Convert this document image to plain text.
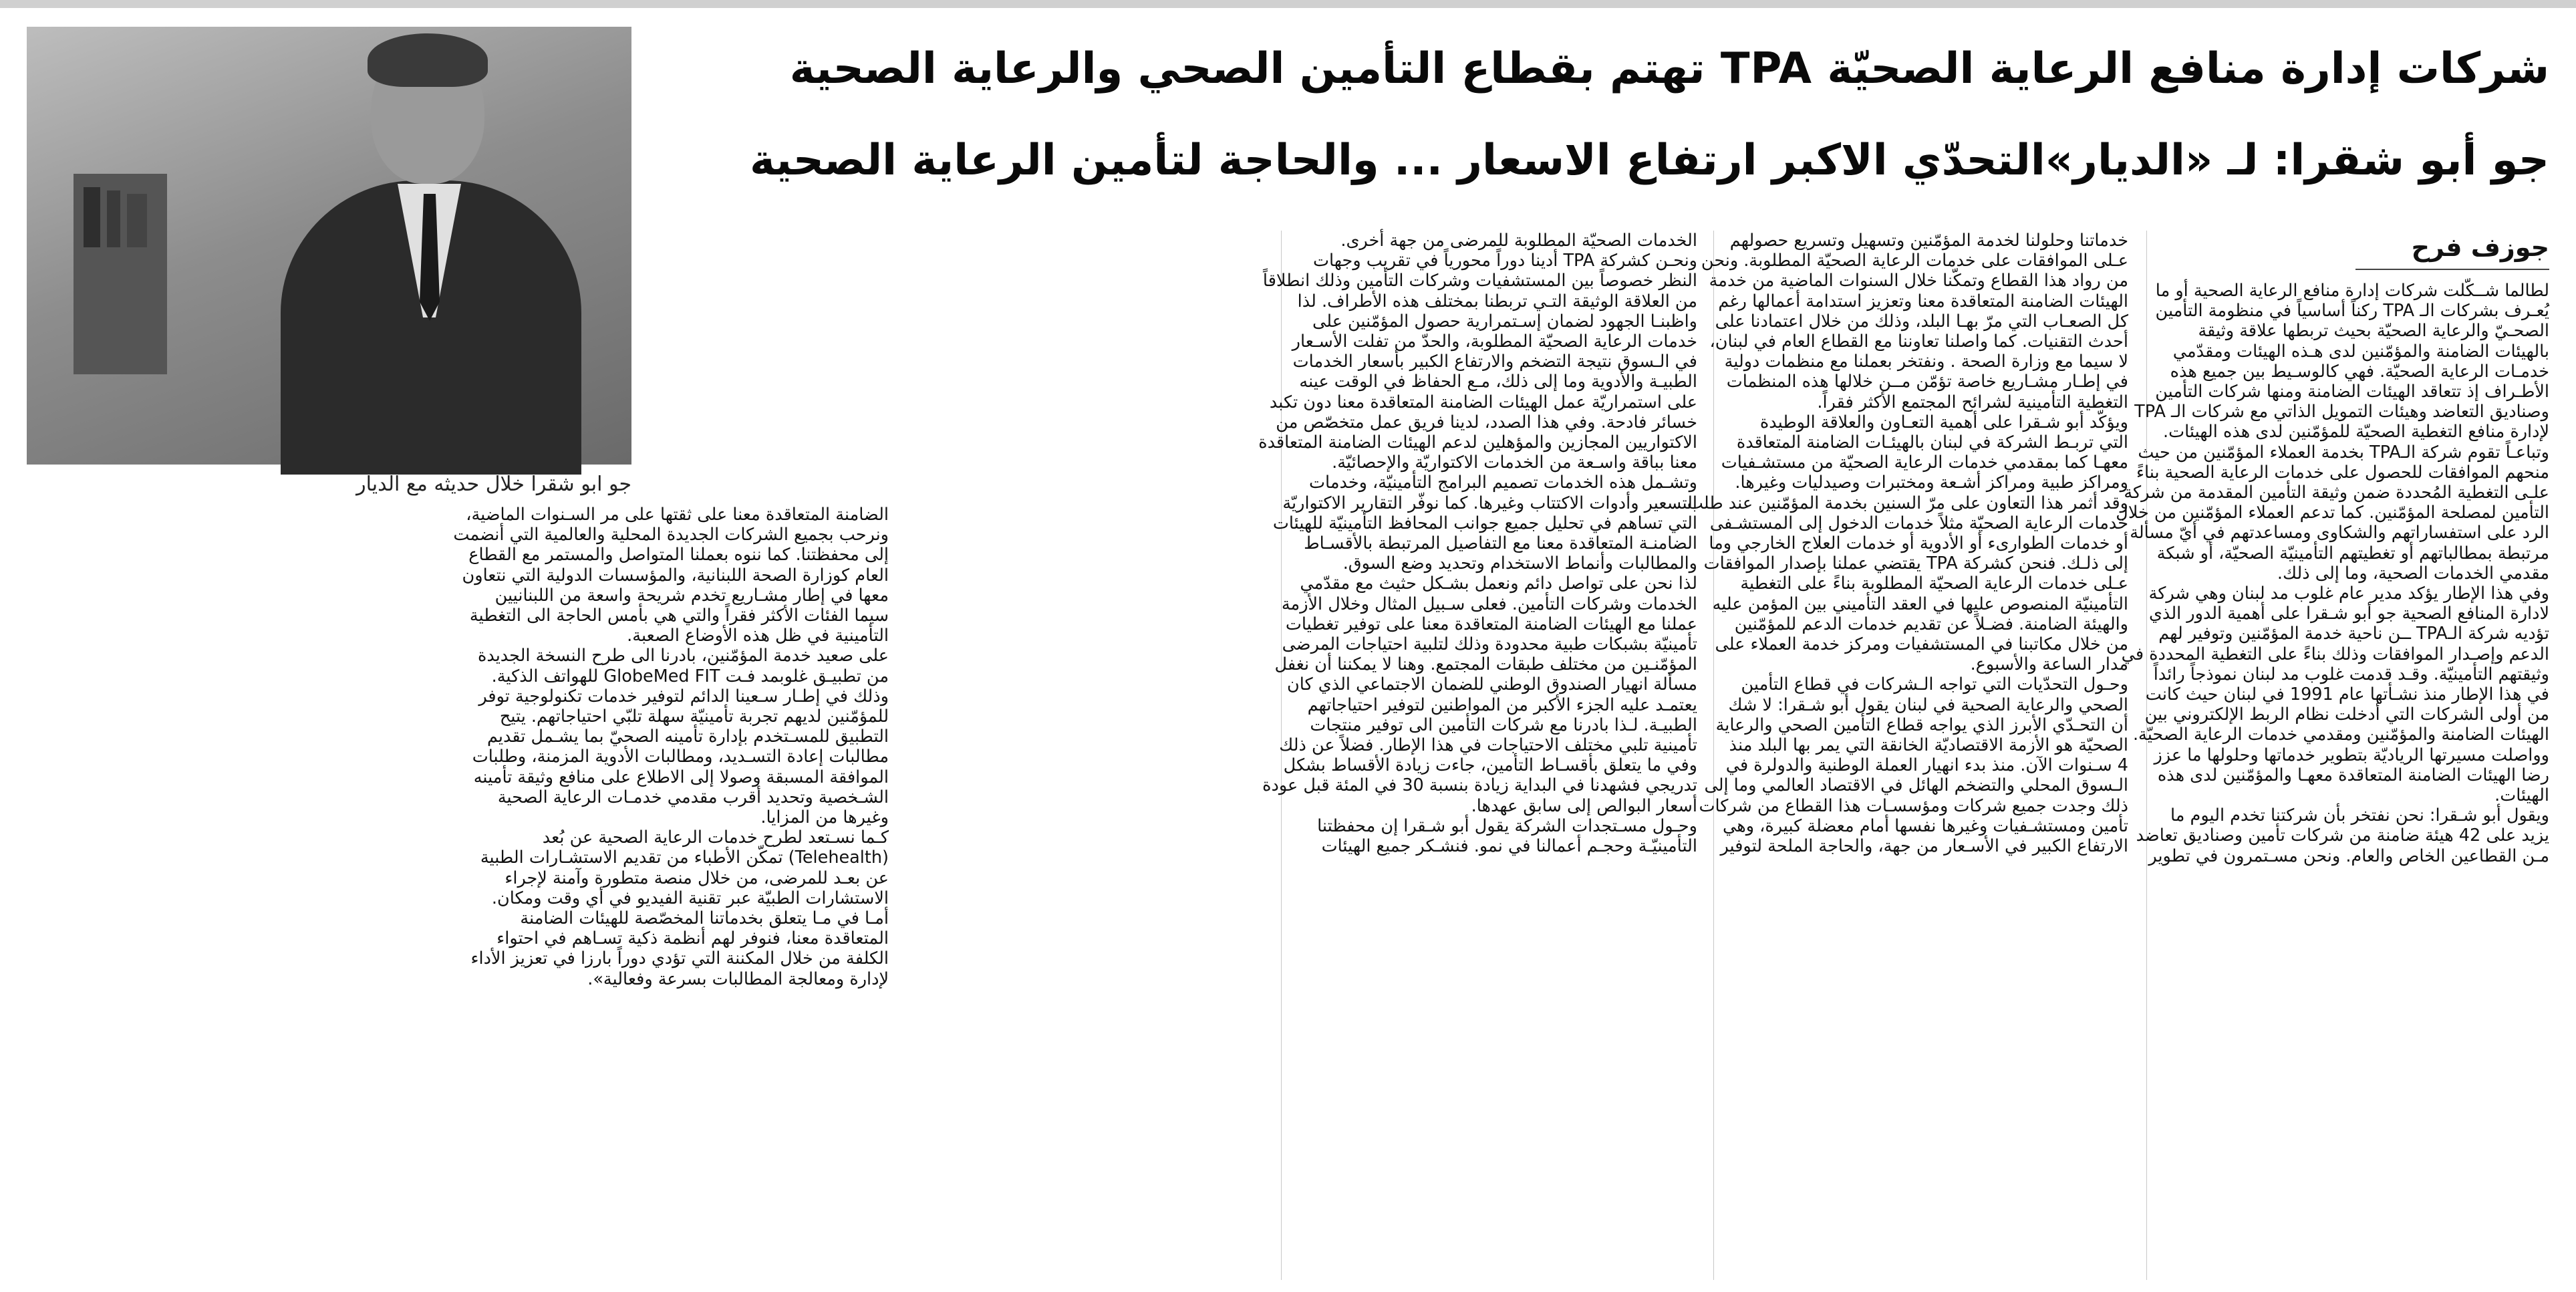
شركات إدارة منافع الرعاية الصحيّة TPA تهتم بقطاع التأمين الصحي والرعاية الصحية
جو أبو شقرا: لـ «الديار»التحدّي الاكبر ارتفاع الاسعار ... والحاجة لتأمين الرعاية الصحية
جو ابو شقرا خلال حديثه مع الديار
جوزف فرح
لطالما شــكّلت شركات إدارة منافع الرعاية الصحية أو ما
يُعـرف بشركات الـ TPA ركناً أساسياً في منظومة التأمين
الصحـيّ والرعاية الصحيّة بحيث تربطها علاقة وثيقة
بالهيئات الضامنة والمؤمّنين لدى هـذه الهيئات ومقدّمي
خدمـات الرعاية الصحيّة. فهي كالوسـيط بين جميع هذه
الأطـراف إذ تتعاقد الهيئات الضامنة ومنها شركات التأمين
وصناديق التعاضد وهيئات التمويل الذاتي مع شركات الـ TPA
لإدارة منافع التغطية الصحيّة للمؤمّنين لدى هذه الهيئات.
وتباعـاً تقوم شركة الـTPA بخدمة العملاء المؤمّنين من حيث
منحهم الموافقات للحصول على خدمات الرعاية الصحية بناءً
علـى التغطية المُحددة ضمن وثيقة التأمين المقدمة من شركة
التأمين لمصلحة المؤمّنين. كما تدعم العملاء المؤمّنين من خلال
الرد على استفساراتهم والشكاوى ومساعدتهم في أيّ مسألة
مرتبطة بمطالباتهم أو تغطيتهم التأمينيّة الصحيّة، أو شبكة
مقدمي الخدمات الصحية، وما إلى ذلك.
وفي هذا الإطار يؤكد مدير عام غلوب مد لبنان وهي شركة
لادارة المنافع الصحية جو أبو شـقرا على أهمية الدور الذي
تؤديه شركة الـTPA ــن ناحية خدمة المؤمّنين وتوفير لهم
الدعم وإصـدار الموافقات وذلك بناءً على التغطية المحددة في
وثيقتهم التأمينيّة. وقـد قدمت غلوب مد لبنان نموذجاً رائداً
في هذا الإطار منذ نشـأتها عام 1991 في لبنان حيث كانت
من أولى الشركات التي أدخلت نظام الربط الإلكتروني بين
الهيئات الضامنة والمؤمّنين ومقدمي خدمات الرعاية الصحيّة.
وواصلت مسيرتها الرياديّة بتطوير خدماتها وحلولها ما عزز
رضا الهيئات الضامنة المتعاقدة معهـا والمؤمّنين لدى هذه
الهيئات.
ويقول أبو شـقرا: نحن نفتخر بأن شركتنا تخدم اليوم ما
يزيد على 42 هيئة ضامنة من شركات تأمين وصناديق تعاضد
مـن القطاعين الخاص والعام. ونحن مسـتمرون في تطوير
خدماتنا وحلولنا لخدمة المؤمّنين وتسهيل وتسريع حصولهم
عـلى الموافقات على خدمات الرعاية الصحيّة المطلوبة. ونحن
من رواد هذا القطاع وتمكّنا خلال السنوات الماضية من خدمة
الهيئات الضامنة المتعاقدة معنا وتعزيز استدامة أعمالها رغم
كل الصعـاب التي مرّ بهـا البلد، وذلك من خلال اعتمادنا على
أحدث التقنيات. كما واصلنا تعاوننا مع القطاع العام في لبنان،
لا سيما مع وزارة الصحة . ونفتخر بعملنا مع منظمات دولية
في إطـار مشـاريع خاصة تؤمّن مــن خلالها هذه المنظمات
التغطية التأمينية لشرائح المجتمع الأكثر فقراً.
ويؤكّد أبو شـقرا على أهمية التعـاون والعلاقة الوطيدة
التي تربـط الشركة في لبنان بالهيئـات الضامنة المتعاقدة
معهـا كما بمقدمي خدمات الرعاية الصحيّة من مستشـفيات
ومراكز طبية ومراكز أشـعة ومختبرات وصيدليات وغيرها.
وقد أثمر هذا التعاون على مرّ السنين بخدمة المؤمّنين عند طلب
خدمات الرعاية الصحيّة مثلاً خدمات الدخول إلى المستشـفى
أو خدمات الطوارىء أو الأدوية أو خدمات العلاج الخارجي وما
إلى ذلـك. فنحن كشركة TPA يقتضي عملنا بإصدار الموافقات
عـلى خدمات الرعاية الصحيّة المطلوبة بناءً على التغطية
التأمينيّة المنصوص عليها في العقد التأميني بين المؤمن عليه
والهيئة الضامنة. فضـلاً عن تقديم خدمات الدعم للمؤمّنين
من خلال مكاتبنا في المستشفيات ومركز خدمة العملاء على
مدار الساعة والأسبوع.
وحـول التحدّيات التي تواجه الـشركات في قطاع التأمين
الصحي والرعاية الصحية في لبنان يقول أبو شـقرا: لا شك
أن التحـدّي الأبرز الذي يواجه قطاع التأمين الصحي والرعاية
الصحيّة هو الأزمة الاقتصاديّة الخانقة التي يمر بها البلد منذ
4 سـنوات الآن. منذ بدء انهيار العملة الوطنية والدولرة في
الـسوق المحلي والتضخم الهائل في الاقتصاد العالمي وما إلى
ذلك وجدت جميع شركات ومؤسسـات هذا القطاع من شركات
تأمين ومستشـفيات وغيرها نفسها أمام معضلة كبيرة، وهي
الارتفاع الكبير في الأسـعار من جهة، والحاجة الملحة لتوفير
الخدمات الصحيّة المطلوبة للمرضى من جهة أخرى.
ونحـن كشركة TPA أدينا دوراً محورياً في تقريب وجهات
النظر خصوصاً بين المستشفيات وشركات التأمين وذلك انطلاقاً
من العلاقة الوثيقة التـي تربطنا بمختلف هذه الأطراف. لذا
واظبنـا الجهود لضمان إسـتمرارية حصول المؤمّنين على
خدمات الرعاية الصحيّة المطلوبة، والحدّ من تفلت الأسـعار
في الـسوق نتيجة التضخم والارتفاع الكبير بأسعار الخدمات
الطبيـة والأدوية وما إلى ذلك، مـع الحفاظ في الوقت عينه
على استمراريّة عمل الهيئات الضامنة المتعاقدة معنا دون تكبد
خسائر فادحة. وفي هذا الصدد، لدينا فريق عمل متخصّص من
الاكتواريين المجازين والمؤهلين لدعم الهيئات الضامنة المتعاقدة
معنا بباقة واسـعة من الخدمات الاكتواريّة والإحصائيّة.
وتشـمل هذه الخدمات تصميم البرامج التأمينيّة، وخدمات
التسعير وأدوات الاكتتاب وغيرها. كما نوفّر التقارير الاكتواريّة
التي تساهم في تحليل جميع جوانب المحافظ التأمينيّة للهيئات
الضامنـة المتعاقدة معنا مع التفاصيل المرتبطة بالأقسـاط
والمطالبات وأنماط الاستخدام وتحديد وضع السوق.
لذا نحن على تواصل دائم ونعمل بشـكل حثيث مع مقدّمي
الخدمات وشركات التأمين. فعلى سـبيل المثال وخلال الأزمة
عملنا مع الهيئات الضامنة المتعاقدة معنا على توفير تغطيات
تأمينيّة بشبكات طبية محدودة وذلك لتلبية احتياجات المرضى
المؤمّنـين من مختلف طبقات المجتمع. وهنا لا يمكننا أن نغفل
مسألة انهيار الصندوق الوطني للضمان الاجتماعي الذي كان
يعتمـد عليه الجزء الأكبر من المواطنين لتوفير احتياجاتهم
الطبيـة. لـذا بادرنا مع شركات التأمين الى توفير منتجات
تأمينية تلبي مختلف الاحتياجات في هذا الإطار. فضلاً عن ذلك
وفي ما يتعلق بأقسـاط التأمين، جاءت زيادة الأقساط بشكل
تدريجي فشهدنا في البداية زيادة بنسبة 30 في المئة قبل عودة
أسعار البوالص إلى سابق عهدها.
وحـول مسـتجدات الشركة يقول أبو شـقرا إن محفظتنا
التأمينيّـة وحجـم أعمالنا في نمو. فنشـكر جميع الهيئات
الضامنة المتعاقدة معنا على ثقتها على مر السـنوات الماضية،
ونرحب بجميع الشركات الجديدة المحلية والعالمية التي أنضمت
إلى محفظتنا. كما ننوه بعملنا المتواصل والمستمر مع القطاع
العام كوزارة الصحة اللبنانية، والمؤسسات الدولية التي نتعاون
معها في إطار مشـاريع تخدم شريحة واسعة من اللبنانيين
سيما الفئات الأكثر فقراً والتي هي بأمس الحاجة الى التغطية
التأمينية في ظل هذه الأوضاع الصعبة.
على صعيد خدمة المؤمّنين، بادرنا الى طرح النسخة الجديدة
من تطبيـق غلوبمد فـت GlobeMed FIT للهواتف الذكية.
وذلك في إطـار سـعينا الدائم لتوفير خدمات تكنولوجية توفر
للمؤمّنين لديهم تجربة تأمينيّة سهلة تلبّي احتياجاتهم. يتيح
التطبيق للمسـتخدم بإدارة تأمينه الصحيّ بما يشـمل تقديم
مطالبات إعادة التسـديد، ومطالبات الأدوية المزمنة، وطلبات
الموافقة المسبقة وصولا إلى الاطلاع على منافع وثيقة تأمينه
الشـخصية وتحديد أقرب مقدمي خدمـات الرعاية الصحية
وغيرها من المزايا.
كـما نسـتعد لطرح خدمات الرعاية الصحية عن بُعد
(Telehealth) تمكّن الأطباء من تقديم الاستشـارات الطبية
عن بعـد للمرضى، من خلال منصة متطورة وآمنة لإجراء
الاستشارات الطبيّة عبر تقنية الفيديو في أي وقت ومكان.
أمـا في مـا يتعلق بخدماتنا المخصّصة للهيئات الضامنة
المتعاقدة معنا، فنوفر لهم أنظمة ذكية تسـاهم في احتواء
الكلفة من خلال المكننة التي تؤدي دوراً بارزا في تعزيز الأداء
لإدارة ومعالجة المطالبات بسرعة وفعالية».
